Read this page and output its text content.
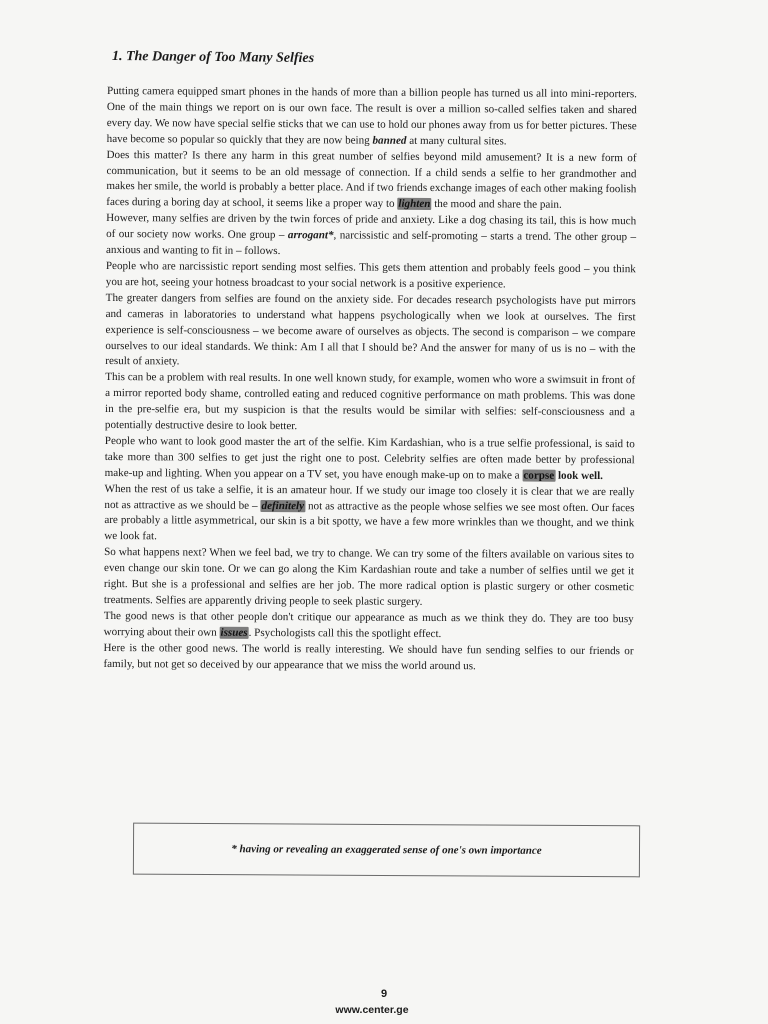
1. The Danger of Too Many Selfies

Putting camera equipped smart phones in the hands of more than a billion people has turned us all into mini-reporters. One of the main things we report on is our own face. The result is over a million so-called selfies taken and shared every day. We now have special selfie sticks that we can use to hold our phones away from us for better pictures. These have become so popular so quickly that they are now being banned at many cultural sites.

Does this matter? Is there any harm in this great number of selfies beyond mild amusement? It is a new form of communication, but it seems to be an old message of connection. If a child sends a selfie to her grandmother and makes her smile, the world is probably a better place. And if two friends exchange images of each other making foolish faces during a boring day at school, it seems like a proper way to lighten the mood and share the pain.

However, many selfies are driven by the twin forces of pride and anxiety. Like a dog chasing its tail, this is how much of our society now works. One group – arrogant*, narcissistic and self-promoting – starts a trend. The other group – anxious and wanting to fit in – follows.

People who are narcissistic report sending most selfies. This gets them attention and probably feels good – you think you are hot, seeing your hotness broadcast to your social network is a positive experience.

The greater dangers from selfies are found on the anxiety side. For decades research psychologists have put mirrors and cameras in laboratories to understand what happens psychologically when we look at ourselves. The first experience is self-consciousness – we become aware of ourselves as objects. The second is comparison – we compare ourselves to our ideal standards. We think: Am I all that I should be? And the answer for many of us is no – with the result of anxiety.

This can be a problem with real results. In one well known study, for example, women who wore a swimsuit in front of a mirror reported body shame, controlled eating and reduced cognitive performance on math problems. This was done in the pre-selfie era, but my suspicion is that the results would be similar with selfies: self-consciousness and a potentially destructive desire to look better.

People who want to look good master the art of the selfie. Kim Kardashian, who is a true selfie professional, is said to take more than 300 selfies to get just the right one to post. Celebrity selfies are often made better by professional make-up and lighting. When you appear on a TV set, you have enough make-up on to make a corpse look well.

When the rest of us take a selfie, it is an amateur hour. If we study our image too closely it is clear that we are really not as attractive as we should be – definitely not as attractive as the people whose selfies we see most often. Our faces are probably a little asymmetrical, our skin is a bit spotty, we have a few more wrinkles than we thought, and we think we look fat.

So what happens next? When we feel bad, we try to change. We can try some of the filters available on various sites to even change our skin tone. Or we can go along the Kim Kardashian route and take a number of selfies until we get it right. But she is a professional and selfies are her job. The more radical option is plastic surgery or other cosmetic treatments. Selfies are apparently driving people to seek plastic surgery.

The good news is that other people don't critique our appearance as much as we think they do. They are too busy worrying about their own issues. Psychologists call this the spotlight effect.

Here is the other good news. The world is really interesting. We should have fun sending selfies to our friends or family, but not get so deceived by our appearance that we miss the world around us.

* having or revealing an exaggerated sense of one's own importance
9
www.center.ge
